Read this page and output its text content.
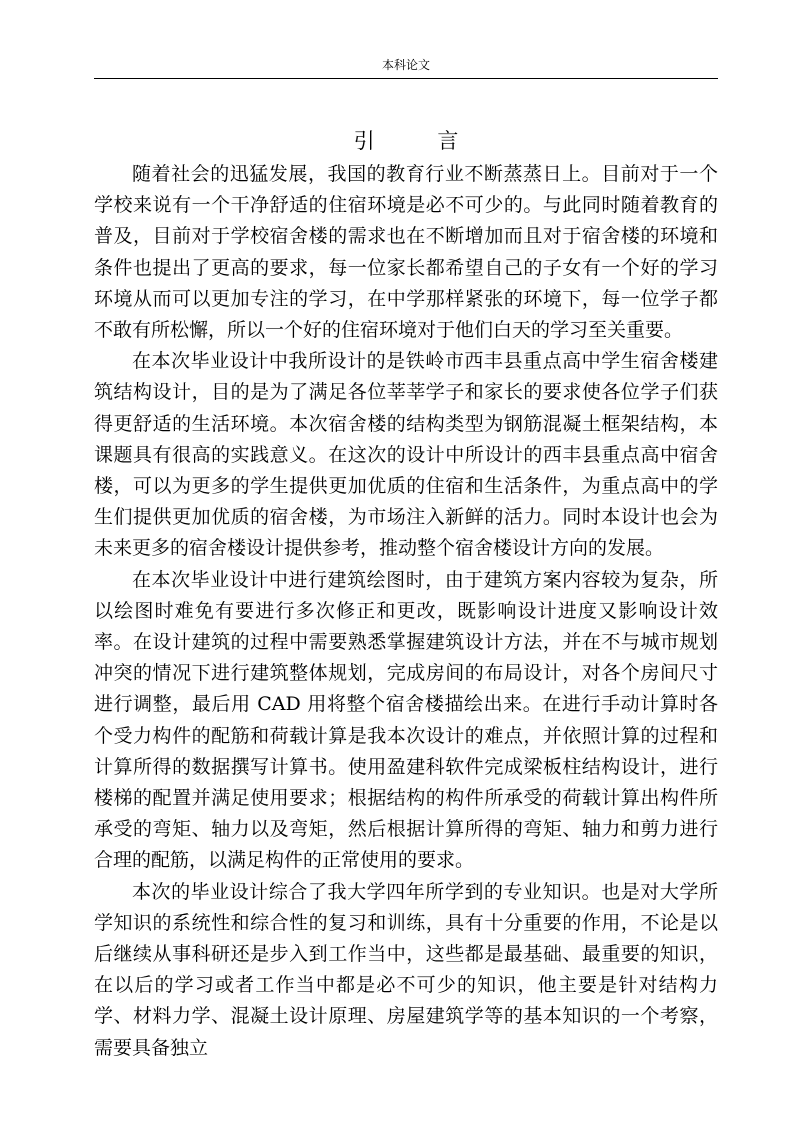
本科论文
引 言

随着社会的迅猛发展，我国的教育行业不断蒸蒸日上。目前对于一个学校来说有一个干净舒适的住宿环境是必不可少的。与此同时随着教育的普及，目前对于学校宿舍楼的需求也在不断增加而且对于宿舍楼的环境和条件也提出了更高的要求，每一位家长都希望自己的子女有一个好的学习环境从而可以更加专注的学习，在中学那样紧张的环境下，每一位学子都不敢有所松懈，所以一个好的住宿环境对于他们白天的学习至关重要。

在本次毕业设计中我所设计的是铁岭市西丰县重点高中学生宿舍楼建筑结构设计，目的是为了满足各位莘莘学子和家长的要求使各位学子们获得更舒适的生活环境。本次宿舍楼的结构类型为钢筋混凝土框架结构，本课题具有很高的实践意义。在这次的设计中所设计的西丰县重点高中宿舍楼，可以为更多的学生提供更加优质的住宿和生活条件，为重点高中的学生们提供更加优质的宿舍楼，为市场注入新鲜的活力。同时本设计也会为未来更多的宿舍楼设计提供参考，推动整个宿舍楼设计方向的发展。

在本次毕业设计中进行建筑绘图时，由于建筑方案内容较为复杂，所以绘图时难免有要进行多次修正和更改，既影响设计进度又影响设计效率。在设计建筑的过程中需要熟悉掌握建筑设计方法，并在不与城市规划冲突的情况下进行建筑整体规划，完成房间的布局设计，对各个房间尺寸进行调整，最后用 CAD 用将整个宿舍楼描绘出来。在进行手动计算时各个受力构件的配筋和荷载计算是我本次设计的难点，并依照计算的过程和计算所得的数据撰写计算书。使用盈建科软件完成梁板柱结构设计，进行楼梯的配置并满足使用要求；根据结构的构件所承受的荷载计算出构件所承受的弯矩、轴力以及弯矩，然后根据计算所得的弯矩、轴力和剪力进行合理的配筋，以满足构件的正常使用的要求。

本次的毕业设计综合了我大学四年所学到的专业知识。也是对大学所学知识的系统性和综合性的复习和训练，具有十分重要的作用，不论是以后继续从事科研还是步入到工作当中，这些都是最基础、最重要的知识，在以后的学习或者工作当中都是必不可少的知识，他主要是针对结构力学、材料力学、混凝土设计原理、房屋建筑学等的基本知识的一个考察，需要具备独立
